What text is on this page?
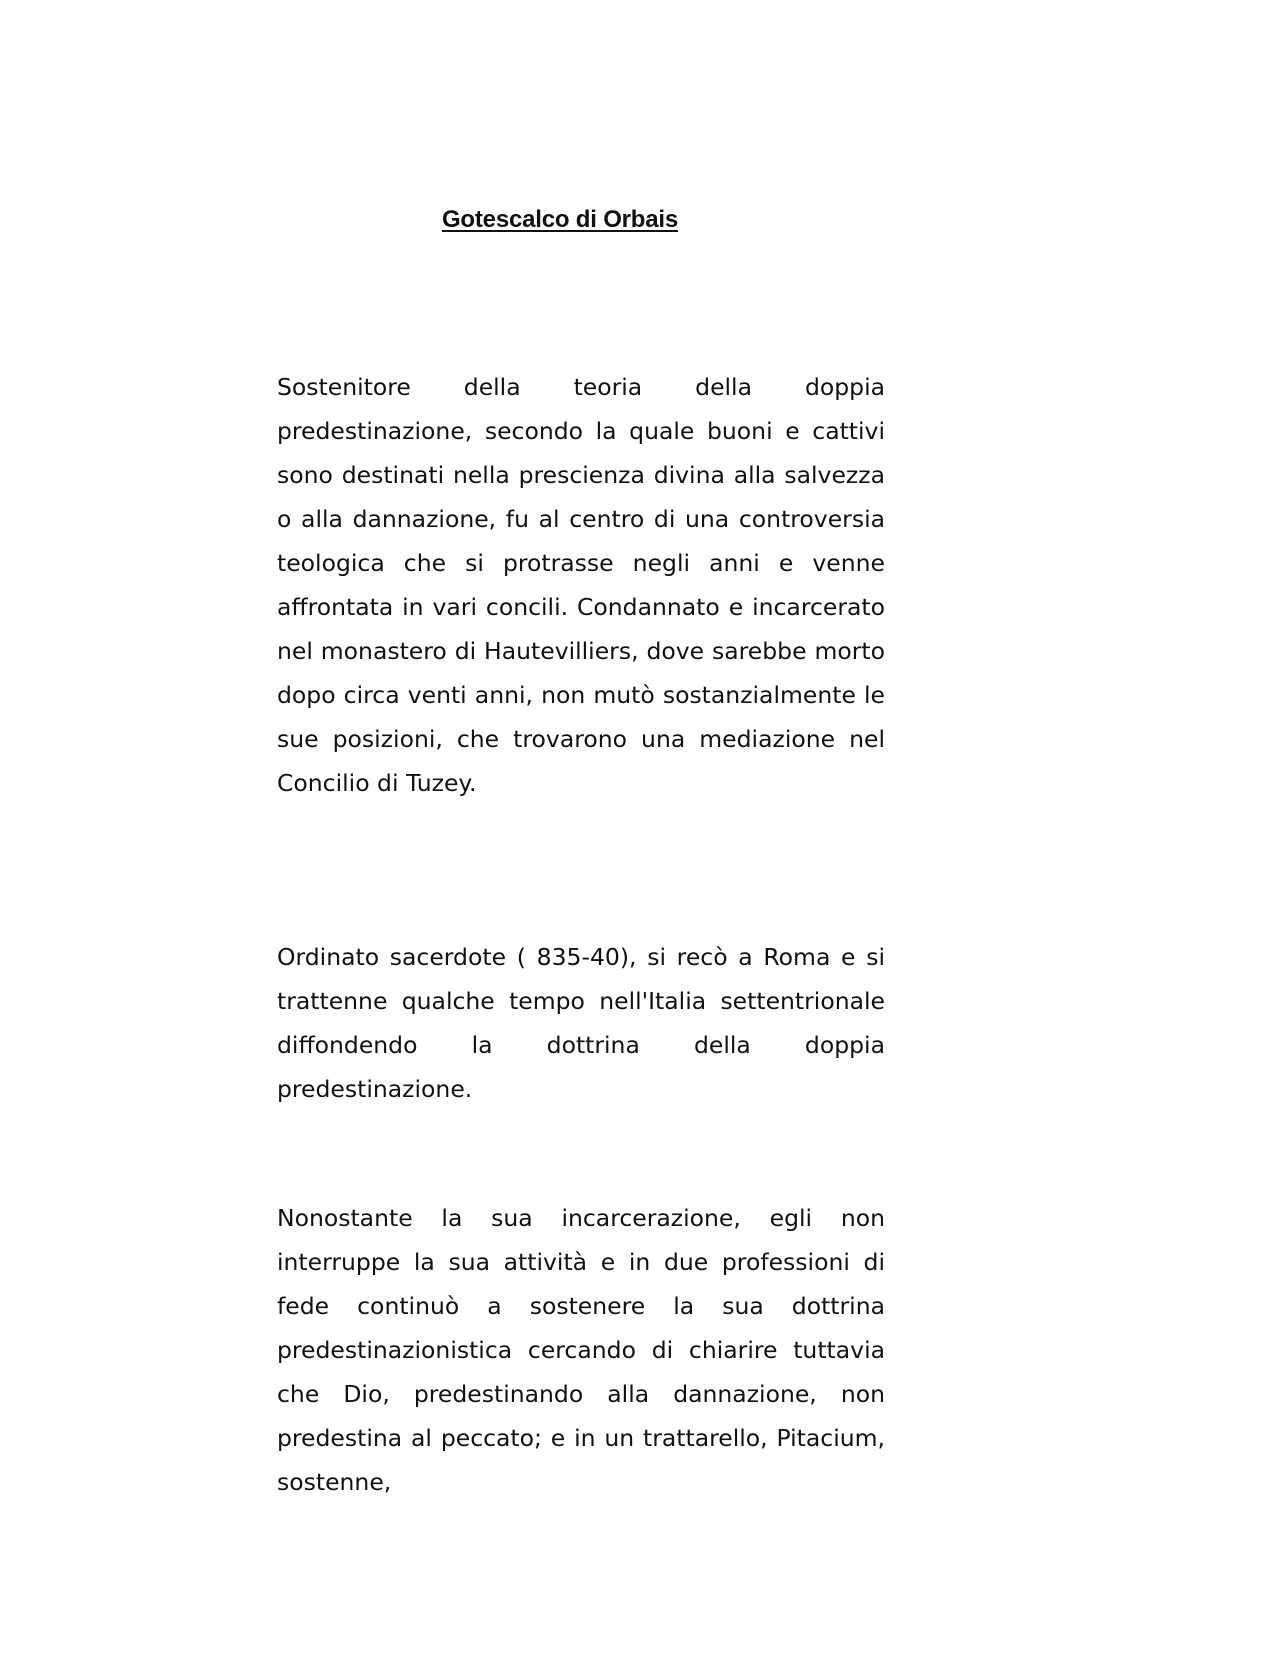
Gotescalco di Orbais

Sostenitore della teoria della doppia predestinazione, secondo la quale buoni e cattivi sono destinati nella prescienza divina alla salvezza o alla dannazione, fu al centro di una controversia teologica che si protrasse negli anni e venne affrontata in vari concili. Condannato e incarcerato nel monastero di Hautevilliers, dove sarebbe morto dopo circa venti anni, non mutò sostanzialmente le sue posizioni, che trovarono una mediazione nel Concilio di Tuzey.

Ordinato sacerdote ( 835-40), si recò a Roma e si trattenne qualche tempo nell'Italia settentrionale diffondendo la dottrina della doppia predestinazione.

Nonostante la sua incarcerazione, egli non interruppe la sua attività e in due professioni di fede continuò a sostenere la sua dottrina predestinazionistica cercando di chiarire tuttavia che Dio, predestinando alla dannazione, non predestina al peccato; e in un trattarello, Pitacium, sostenne,
